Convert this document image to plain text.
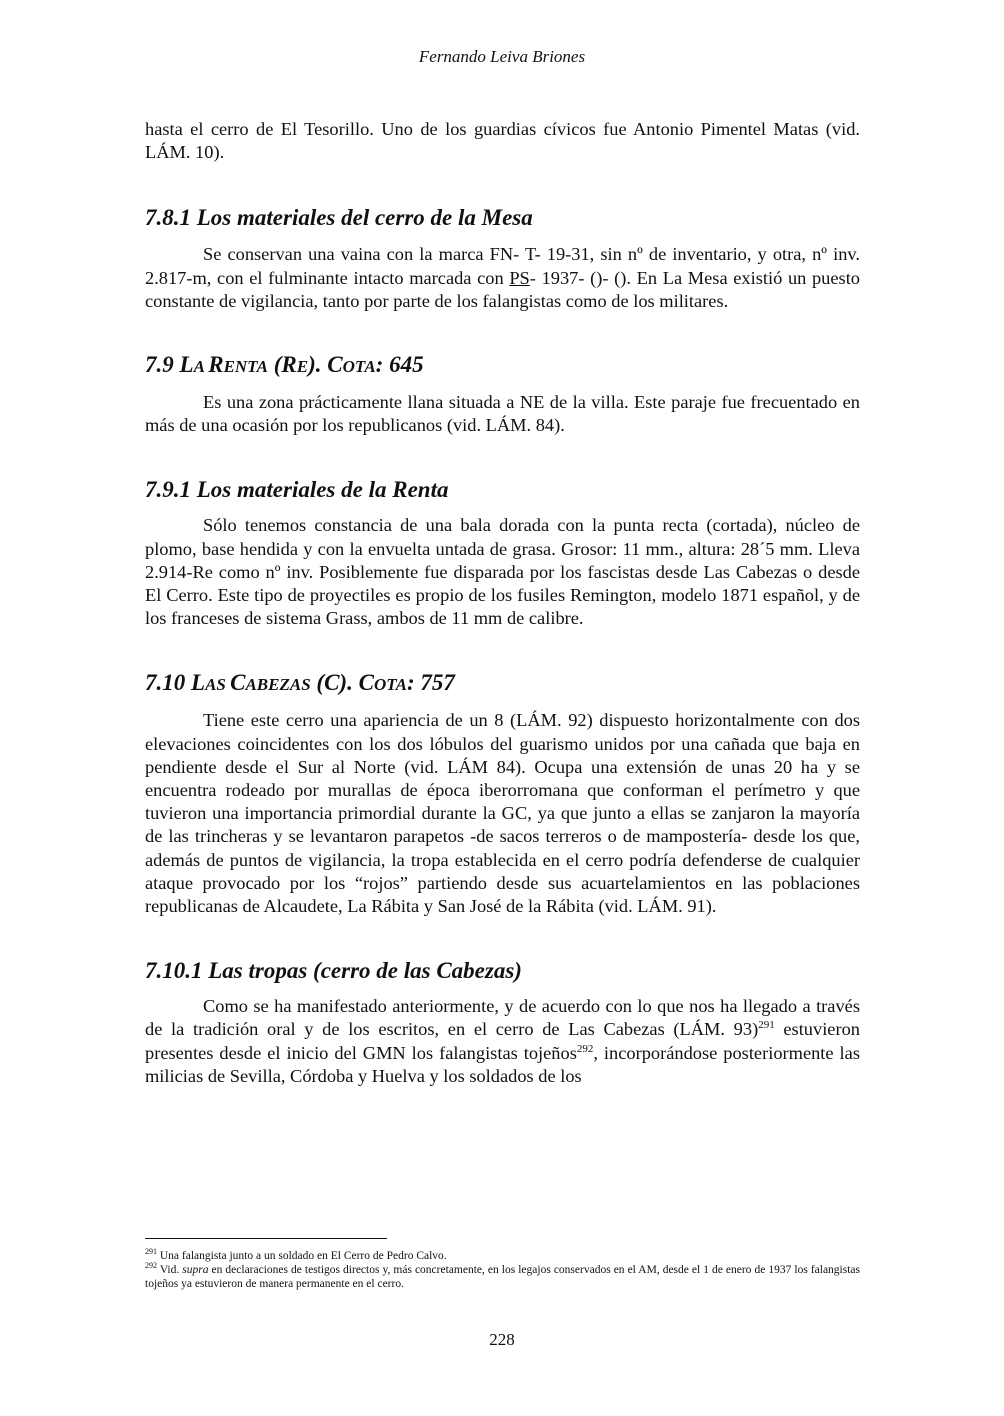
Fernando Leiva Briones

hasta el cerro de El Tesorillo. Uno de los guardias cívicos fue Antonio Pimentel Matas (vid. LÁM. 10).

7.8.1 Los materiales del cerro de la Mesa

Se conservan una vaina con la marca FN- T- 19-31, sin nº de inventario, y otra, nº inv. 2.817-m, con el fulminante intacto marcada con PS- 1937- ()- (). En La Mesa existió un puesto constante de vigilancia, tanto por parte de los falangistas como de los militares.

7.9 LA RENTA (RE). COTA: 645

Es una zona prácticamente llana situada a NE de la villa. Este paraje fue frecuentado en más de una ocasión por los republicanos (vid. LÁM. 84).

7.9.1 Los materiales de la Renta

Sólo tenemos constancia de una bala dorada con la punta recta (cortada), núcleo de plomo, base hendida y con la envuelta untada de grasa. Grosor: 11 mm., altura: 28´5 mm. Lleva 2.914-Re como nº inv. Posiblemente fue disparada por los fascistas desde Las Cabezas o desde El Cerro. Este tipo de proyectiles es propio de los fusiles Remington, modelo 1871 español, y de los franceses de sistema Grass, ambos de 11 mm de calibre.

7.10 LAS CABEZAS (C). COTA: 757

Tiene este cerro una apariencia de un 8 (LÁM. 92) dispuesto horizontalmente con dos elevaciones coincidentes con los dos lóbulos del guarismo unidos por una cañada que baja en pendiente desde el Sur al Norte (vid. LÁM 84). Ocupa una extensión de unas 20 ha y se encuentra rodeado por murallas de época iberorromana que conforman el perímetro y que tuvieron una importancia primordial durante la GC, ya que junto a ellas se zanjaron la mayoría de las trincheras y se levantaron parapetos -de sacos terreros o de mampostería- desde los que, además de puntos de vigilancia, la tropa establecida en el cerro podría defenderse de cualquier ataque provocado por los “rojos” partiendo desde sus acuartelamientos en las poblaciones republicanas de Alcaudete, La Rábita y San José de la Rábita (vid. LÁM. 91).

7.10.1 Las tropas (cerro de las Cabezas)

Como se ha manifestado anteriormente, y de acuerdo con lo que nos ha llegado a través de la tradición oral y de los escritos, en el cerro de Las Cabezas (LÁM. 93)$^{291}$ estuvieron presentes desde el inicio del GMN los falangistas tojeños$^{292}$, incorporándose posteriormente las milicias de Sevilla, Córdoba y Huelva y los soldados de los

$^{291}$ Una falangista junto a un soldado en El Cerro de Pedro Calvo.

$^{292}$ Vid. supra en declaraciones de testigos directos y, más concretamente, en los legajos conservados en el AM, desde el 1 de enero de 1937 los falangistas tojeños ya estuvieron de manera permanente en el cerro.

228
